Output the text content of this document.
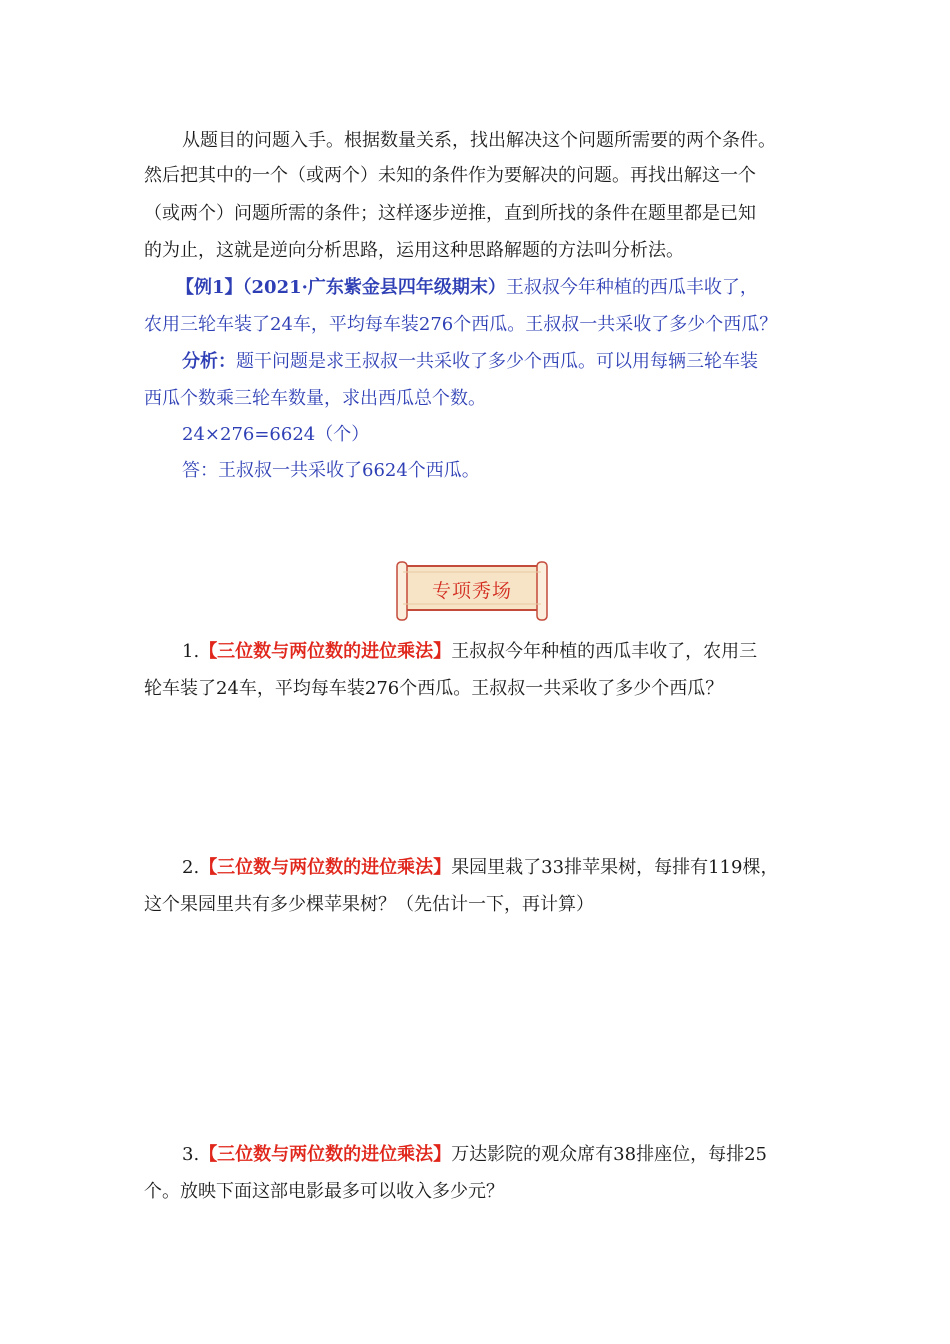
从题目的问题入手。根据数量关系，找出解决这个问题所需要的两个条件。
然后把其中的一个（或两个）未知的条件作为要解决的问题。再找出解这一个
（或两个）问题所需的条件；这样逐步逆推，直到所找的条件在题里都是已知
的为止，这就是逆向分析思路，运用这种思路解题的方法叫分析法。
【例1】（2021·广东紫金县四年级期末）王叔叔今年种植的西瓜丰收了，
农用三轮车装了24车，平均每车装276个西瓜。王叔叔一共采收了多少个西瓜？
分析：题干问题是求王叔叔一共采收了多少个西瓜。可以用每辆三轮车装
西瓜个数乘三轮车数量，求出西瓜总个数。
24×276=6624（个）
答：王叔叔一共采收了6624个西瓜。
专项秀场
1.【三位数与两位数的进位乘法】王叔叔今年种植的西瓜丰收了，农用三
轮车装了24车，平均每车装276个西瓜。王叔叔一共采收了多少个西瓜？
2.【三位数与两位数的进位乘法】果园里栽了33排苹果树，每排有119棵，
这个果园里共有多少棵苹果树？（先估计一下，再计算）
3.【三位数与两位数的进位乘法】万达影院的观众席有38排座位，每排25
个。放映下面这部电影最多可以收入多少元？
